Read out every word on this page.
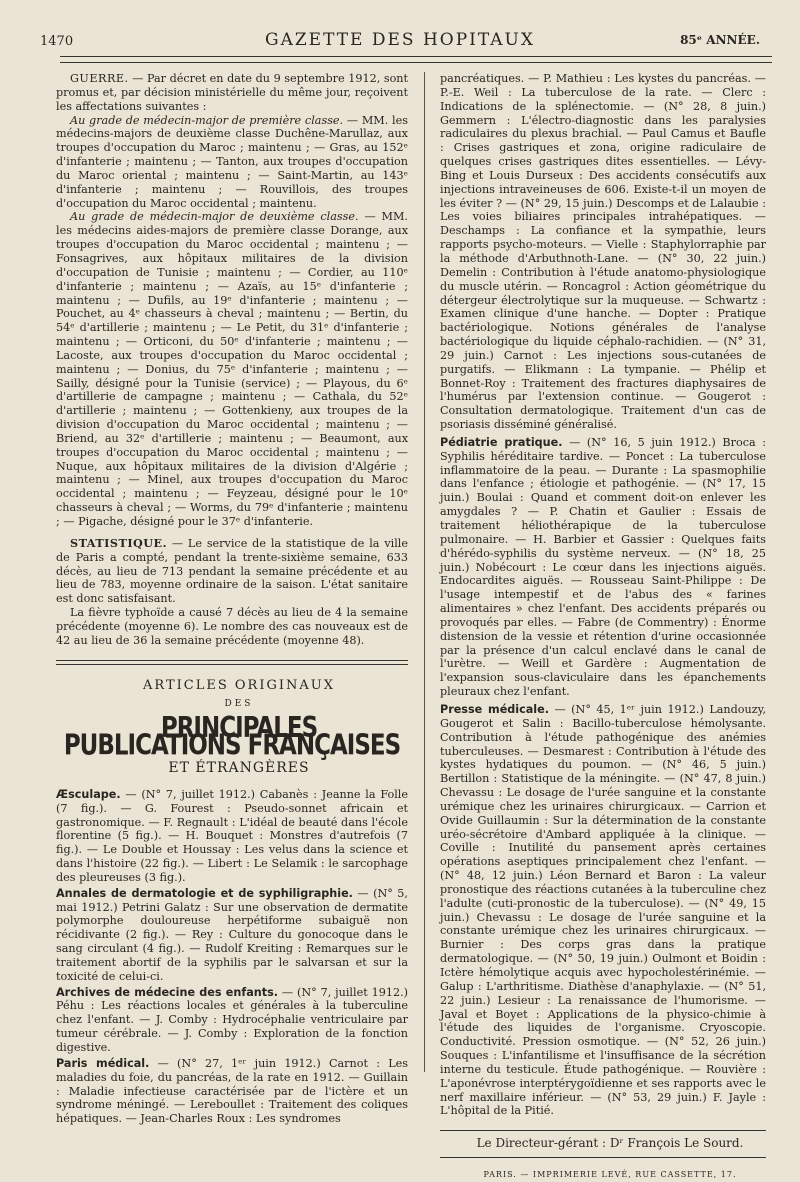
1470	GAZETTE DES HOPITAUX	85ᵉ ANNÉE.

GUERRE. — Par décret en date du 9 septembre 1912, sont promus et, par décision ministérielle du même jour, reçoivent les affectations suivantes :

Au grade de médecin-major de première classe. — MM. les médecins-majors de deuxième classe Duchêne-Marullaz, aux troupes d'occupation du Maroc ; maintenu ; — Gras, au 152ᵉ d'infanterie ; maintenu ; — Tanton, aux troupes d'occupation du Maroc oriental ; maintenu ; — Saint-Martin, au 143ᵉ d'infanterie ; maintenu ; — Rouvillois, des troupes d'occupation du Maroc occidental ; maintenu.

Au grade de médecin-major de deuxième classe. — MM. les médecins aides-majors de première classe Dorange, aux troupes d'occupation du Maroc occidental ; maintenu ; — Fonsagrives, aux hôpitaux militaires de la division d'occupation de Tunisie ; maintenu ; — Cordier, au 110ᵉ d'infanterie ; maintenu ; — Azaïs, au 15ᵉ d'infanterie ; maintenu ; — Dufils, au 19ᵉ d'infanterie ; maintenu ; — Pouchet, au 4ᵉ chasseurs à cheval ; maintenu ; — Bertin, du 54ᵉ d'artillerie ; maintenu ; — Le Petit, du 31ᵉ d'infanterie ; maintenu ; — Orticoni, du 50ᵉ d'infanterie ; maintenu ; — Lacoste, aux troupes d'occupation du Maroc occidental ; maintenu ; — Donius, du 75ᵉ d'infanterie ; maintenu ; — Sailly, désigné pour la Tunisie (service) ; — Playous, du 6ᵉ d'artillerie de campagne ; maintenu ; — Cathala, du 52ᵉ d'artillerie ; maintenu ; — Gottenkieny, aux troupes de la division d'occupation du Maroc occidental ; maintenu ; — Briend, au 32ᵉ d'artillerie ; maintenu ; — Beaumont, aux troupes d'occupation du Maroc occidental ; maintenu ; — Nuque, aux hôpitaux militaires de la division d'Algérie ; maintenu ; — Minel, aux troupes d'occupation du Maroc occidental ; maintenu ; — Feyzeau, désigné pour le 10ᵉ chasseurs à cheval ; — Worms, du 79ᵉ d'infanterie ; maintenu ; — Pigache, désigné pour le 37ᵉ d'infanterie.

STATISTIQUE. — Le service de la statistique de la ville de Paris a compté, pendant la trente-sixième semaine, 633 décès, au lieu de 713 pendant la semaine précédente et au lieu de 783, moyenne ordinaire de la saison. L'état sanitaire est donc satisfaisant.

La fièvre typhoïde a causé 7 décès au lieu de 4 la semaine précédente (moyenne 6). Le nombre des cas nouveaux est de 42 au lieu de 36 la semaine précédente (moyenne 48).

ARTICLES ORIGINAUX

DES

PRINCIPALES PUBLICATIONS FRANÇAISES

ET ÉTRANGÈRES

Æsculape. — (N° 7, juillet 1912.) Cabanès : Jeanne la Folle (7 fig.). — G. Fourest : Pseudo-sonnet africain et gastronomique. — F. Regnault : L'idéal de beauté dans l'école florentine (5 fig.). — H. Bouquet : Monstres d'autrefois (7 fig.). — Le Double et Houssay : Les velus dans la science et dans l'histoire (22 fig.). — Libert : Le Selamik : le sarcophage des pleureuses (3 fig.).

Annales de dermatologie et de syphiligraphie. — (N° 5, mai 1912.) Petrini Galatz : Sur une observation de dermatite polymorphe douloureuse herpétiforme subaiguë non récidivante (2 fig.). — Rey : Culture du gonocoque dans le sang circulant (4 fig.). — Rudolf Kreiting : Remarques sur le traitement abortif de la syphilis par le salvarsan et sur la toxicité de celui-ci.

Archives de médecine des enfants. — (N° 7, juillet 1912.) Péhu : Les réactions locales et générales à la tuberculine chez l'enfant. — J. Comby : Hydrocéphalie ventriculaire par tumeur cérébrale. — J. Comby : Exploration de la fonction digestive.

Paris médical. — (N° 27, 1ᵉʳ juin 1912.) Carnot : Les maladies du foie, du pancréas, de la rate en 1912. — Guillain : Maladie infectieuse caractérisée par de l'ictère et un syndrome méningé. — Lereboullet : Traitement des coliques hépatiques. — Jean-Charles Roux : Les syndromes

pancréatiques. — P. Mathieu : Les kystes du pancréas. — P.-E. Weil : La tuberculose de la rate. — Clerc : Indications de la splénectomie. — (N° 28, 8 juin.) Gemmern : L'électro-diagnostic dans les paralysies radiculaires du plexus brachial. — Paul Camus et Baufle : Crises gastriques et zona, origine radiculaire de quelques crises gastriques dites essentielles. — Lévy-Bing et Louis Durseux : Des accidents consécutifs aux injections intraveineuses de 606. Existe-t-il un moyen de les éviter ? — (N° 29, 15 juin.) Descomps et de Lalaubie : Les voies biliaires principales intrahépatiques. — Deschamps : La confiance et la sympathie, leurs rapports psycho-moteurs. — Vielle : Staphylorraphie par la méthode d'Arbuthnoth-Lane. — (N° 30, 22 juin.) Demelin : Contribution à l'étude anatomo-physiologique du muscle utérin. — Roncagrol : Action géométrique du détergeur électrolytique sur la muqueuse. — Schwartz : Examen clinique d'une hanche. — Dopter : Pratique bactériologique. Notions générales de l'analyse bactériologique du liquide céphalo-rachidien. — (N° 31, 29 juin.) Carnot : Les injections sous-cutanées de purgatifs. — Elikmann : La tympanie. — Phélip et Bonnet-Roy : Traitement des fractures diaphysaires de l'humérus par l'extension continue. — Gougerot : Consultation dermatologique. Traitement d'un cas de psoriasis disséminé généralisé.

Pédiatrie pratique. — (N° 16, 5 juin 1912.) Broca : Syphilis héréditaire tardive. — Poncet : La tuberculose inflammatoire de la peau. — Durante : La spasmophilie dans l'enfance ; étiologie et pathogénie. — (N° 17, 15 juin.) Boulai : Quand et comment doit-on enlever les amygdales ? — P. Chatin et Gaulier : Essais de traitement héliothérapique de la tuberculose pulmonaire. — H. Barbier et Gassier : Quelques faits d'hérédo-syphilis du système nerveux. — (N° 18, 25 juin.) Nobécourt : Le cœur dans les injections aiguës. Endocardites aiguës. — Rousseau Saint-Philippe : De l'usage intempestif et de l'abus des « farines alimentaires » chez l'enfant. Des accidents préparés ou provoqués par elles. — Fabre (de Commentry) : Énorme distension de la vessie et rétention d'urine occasionnée par la présence d'un calcul enclavé dans le canal de l'urètre. — Weill et Gardère : Augmentation de l'expansion sous-claviculaire dans les épanchements pleuraux chez l'enfant.

Presse médicale. — (N° 45, 1ᵉʳ juin 1912.) Landouzy, Gougerot et Salin : Bacillo-tuberculose hémolysante. Contribution à l'étude pathogénique des anémies tuberculeuses. — Desmarest : Contribution à l'étude des kystes hydatiques du poumon. — (N° 46, 5 juin.) Bertillon : Statistique de la méningite. — (N° 47, 8 juin.) Chevassu : Le dosage de l'urée sanguine et la constante urémique chez les urinaires chirurgicaux. — Carrion et Ovide Guillaumin : Sur la détermination de la constante uréo-sécrétoire d'Ambard appliquée à la clinique. — Coville : Inutilité du pansement après certaines opérations aseptiques principalement chez l'enfant. — (N° 48, 12 juin.) Léon Bernard et Baron : La valeur pronostique des réactions cutanées à la tuberculine chez l'adulte (cuti-pronostic de la tuberculose). — (N° 49, 15 juin.) Chevassu : Le dosage de l'urée sanguine et la constante urémique chez les urinaires chirurgicaux. — Burnier : Des corps gras dans la pratique dermatologique. — (N° 50, 19 juin.) Oulmont et Boidin : Ictère hémolytique acquis avec hypocholestérinémie. — Galup : L'arthritisme. Diathèse d'anaphylaxie. — (N° 51, 22 juin.) Lesieur : La renaissance de l'humorisme. — Javal et Boyet : Applications de la physico-chimie à l'étude des liquides de l'organisme. Cryoscopie. Conductivité. Pression osmotique. — (N° 52, 26 juin.) Souques : L'infantilisme et l'insuffisance de la sécrétion interne du testicule. Étude pathogénique. — Rouvière : L'aponévrose interptérygoïdienne et ses rapports avec le nerf maxillaire inférieur. — (N° 53, 29 juin.) F. Jayle : L'hôpital de la Pitié.

Le Directeur-gérant : Dʳ François Le Sourd.

PARIS. — IMPRIMERIE LEVÉ, RUE CASSETTE, 17.
